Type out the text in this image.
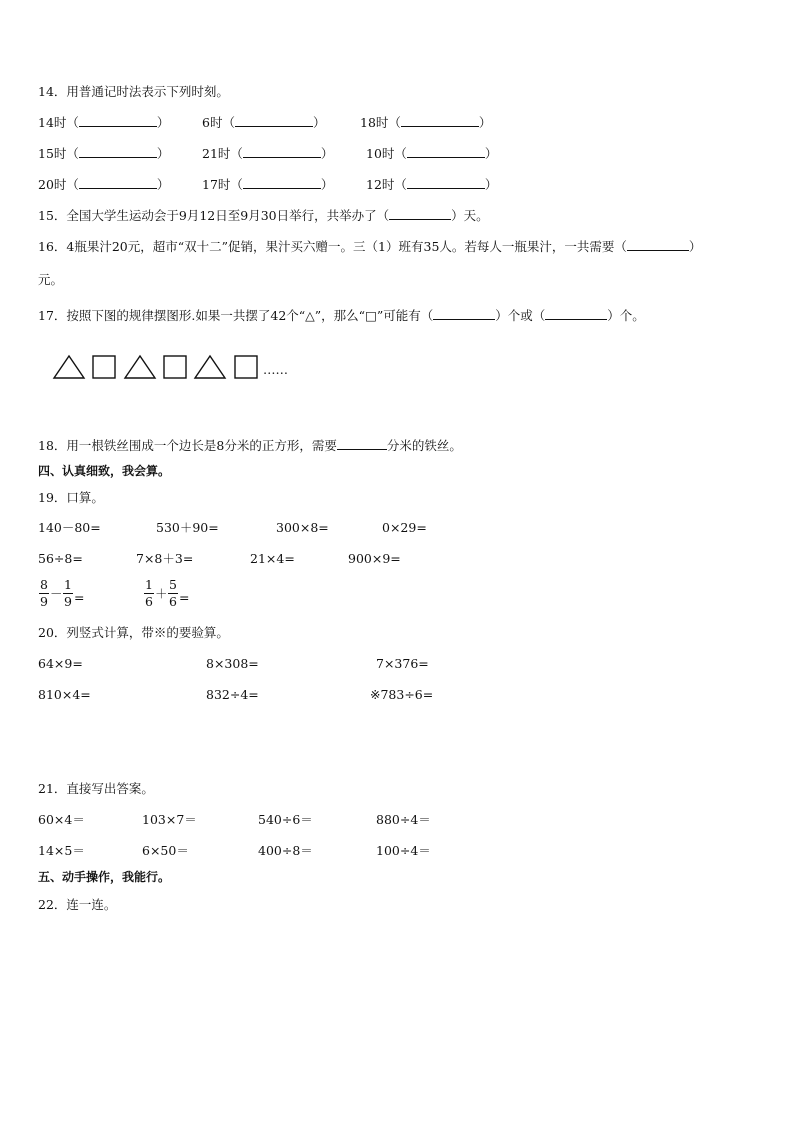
14．用普通记时法表示下列时刻。
14时（	）	6时（	）	18时（	）
15时（	）	21时（	）	10时（	）
20时（	）	17时（	）	12时（	）
15．全国大学生运动会于9月12日至9月30日举行，共举办了（	）天。
16．4瓶果汁20元，超市“双十二”促销，果汁买六赠一。三（1）班有35人。若每人一瓶果汁，一共需要（	）
元。
17．按照下图的规律摆图形.如果一共摆了42个“△”，那么“□”可能有（	）个或（	）个。
……
18．用一根铁丝围成一个边长是8分米的正方形，需要	分米的铁丝。
四、认真细致，我会算。
19．口算。
140－80=	530＋90=	300×8=	0×29=
56÷8=	7×8＋3=	21×4=	900×9=
8
9
－
1
9 =
1
6
＋
5
6 =
20．列竖式计算，带※的要验算。
64×9=	8×308=	7×376=
810×4=	832÷4=	※783÷6=
21．直接写出答案。
60×4＝	103×7＝	540÷6＝	880÷4＝
14×5＝	6×50＝	400÷8＝	100÷4＝
五、动手操作，我能行。
22．连一连。
